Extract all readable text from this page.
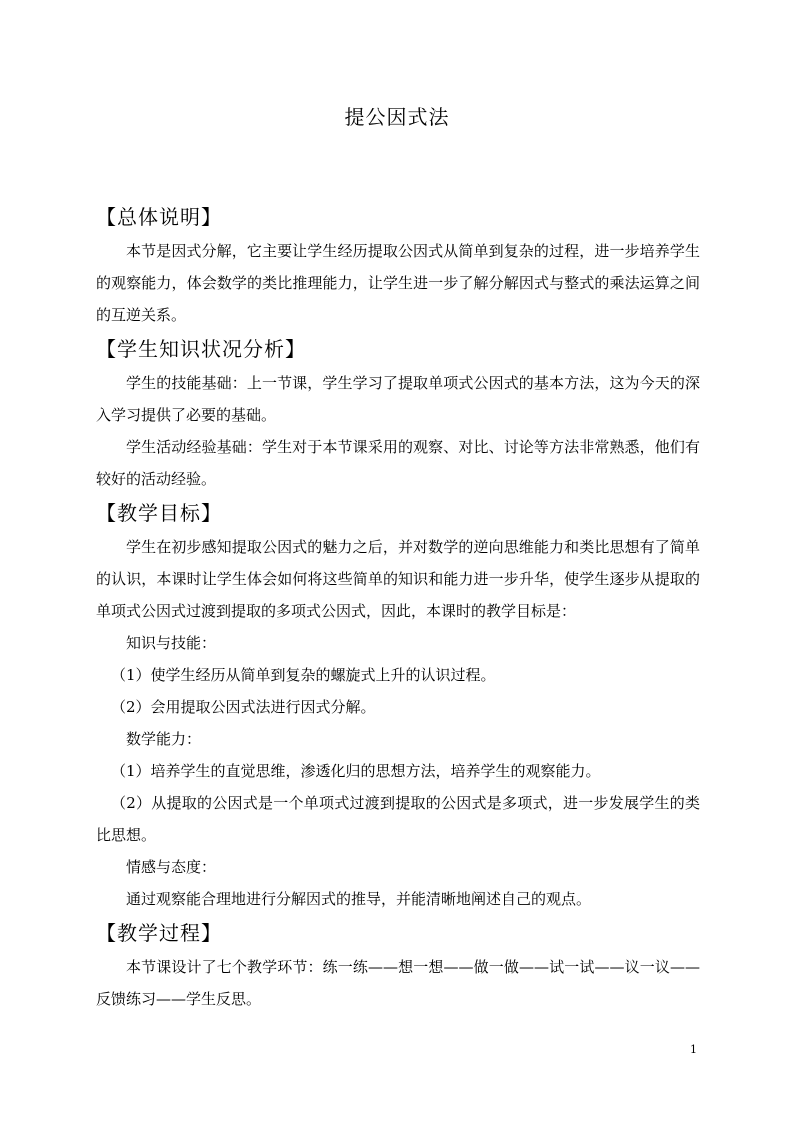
提公因式法
【总体说明】

本节是因式分解，它主要让学生经历提取公因式从简单到复杂的过程，进一步培养学生的观察能力，体会数学的类比推理能力，让学生进一步了解分解因式与整式的乘法运算之间的互逆关系。

【学生知识状况分析】

学生的技能基础：上一节课，学生学习了提取单项式公因式的基本方法，这为今天的深入学习提供了必要的基础。

学生活动经验基础：学生对于本节课采用的观察、对比、讨论等方法非常熟悉，他们有较好的活动经验。

【教学目标】

学生在初步感知提取公因式的魅力之后，并对数学的逆向思维能力和类比思想有了简单的认识，本课时让学生体会如何将这些简单的知识和能力进一步升华，使学生逐步从提取的单项式公因式过渡到提取的多项式公因式，因此，本课时的教学目标是：

知识与技能：

（1）使学生经历从简单到复杂的螺旋式上升的认识过程。

（2）会用提取公因式法进行因式分解。

数学能力：

（1）培养学生的直觉思维，渗透化归的思想方法，培养学生的观察能力。

（2）从提取的公因式是一个单项式过渡到提取的公因式是多项式，进一步发展学生的类比思想。

情感与态度：

通过观察能合理地进行分解因式的推导，并能清晰地阐述自己的观点。

【教学过程】

本节课设计了七个教学环节：练一练——想一想——做一做——试一试——议一议——反馈练习——学生反思。

1
